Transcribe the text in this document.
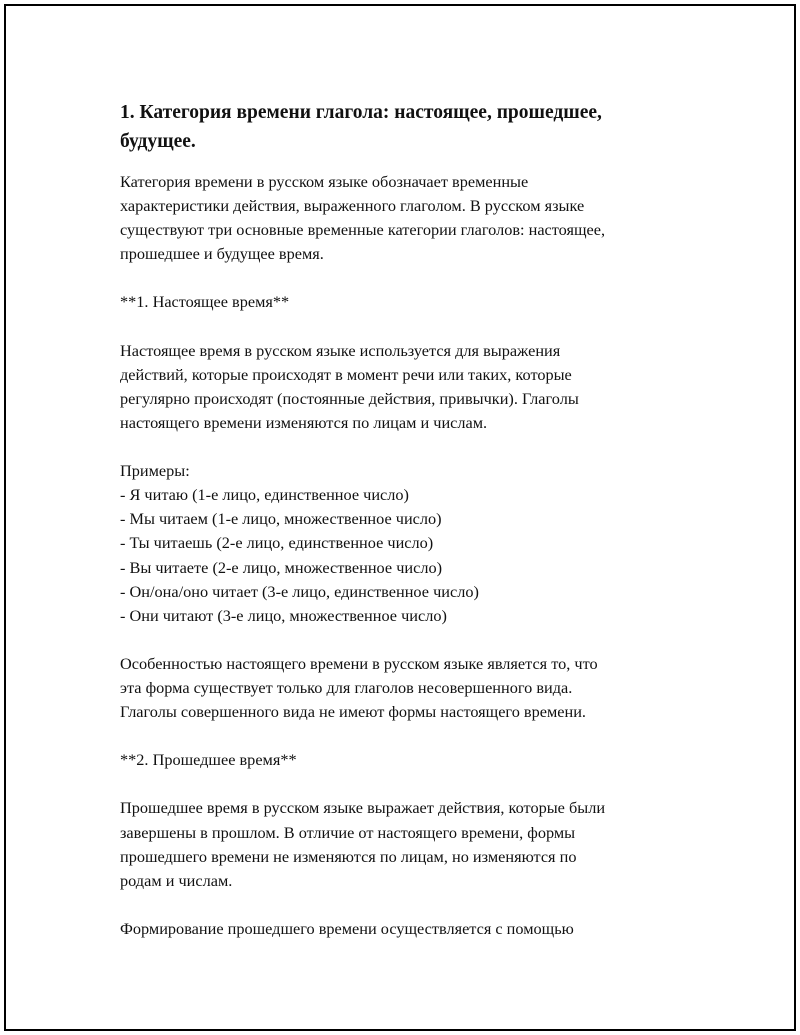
1. Категория времени глагола: настоящее, прошедшее, будущее.
Категория времени в русском языке обозначает временные
характеристики действия, выраженного глаголом. В русском языке
существуют три основные временные категории глаголов: настоящее,
прошедшее и будущее время.
**1. Настоящее время**
Настоящее время в русском языке используется для выражения
действий, которые происходят в момент речи или таких, которые
регулярно происходят (постоянные действия, привычки). Глаголы
настоящего времени изменяются по лицам и числам.
Примеры:
- Я читаю (1-е лицо, единственное число)
- Мы читаем (1-е лицо, множественное число)
- Ты читаешь (2-е лицо, единственное число)
- Вы читаете (2-е лицо, множественное число)
- Он/она/оно читает (3-е лицо, единственное число)
- Они читают (3-е лицо, множественное число)
Особенностью настоящего времени в русском языке является то, что
эта форма существует только для глаголов несовершенного вида.
Глаголы совершенного вида не имеют формы настоящего времени.
**2. Прошедшее время**
Прошедшее время в русском языке выражает действия, которые были
завершены в прошлом. В отличие от настоящего времени, формы
прошедшего времени не изменяются по лицам, но изменяются по
родам и числам.
Формирование прошедшего времени осуществляется с помощью
